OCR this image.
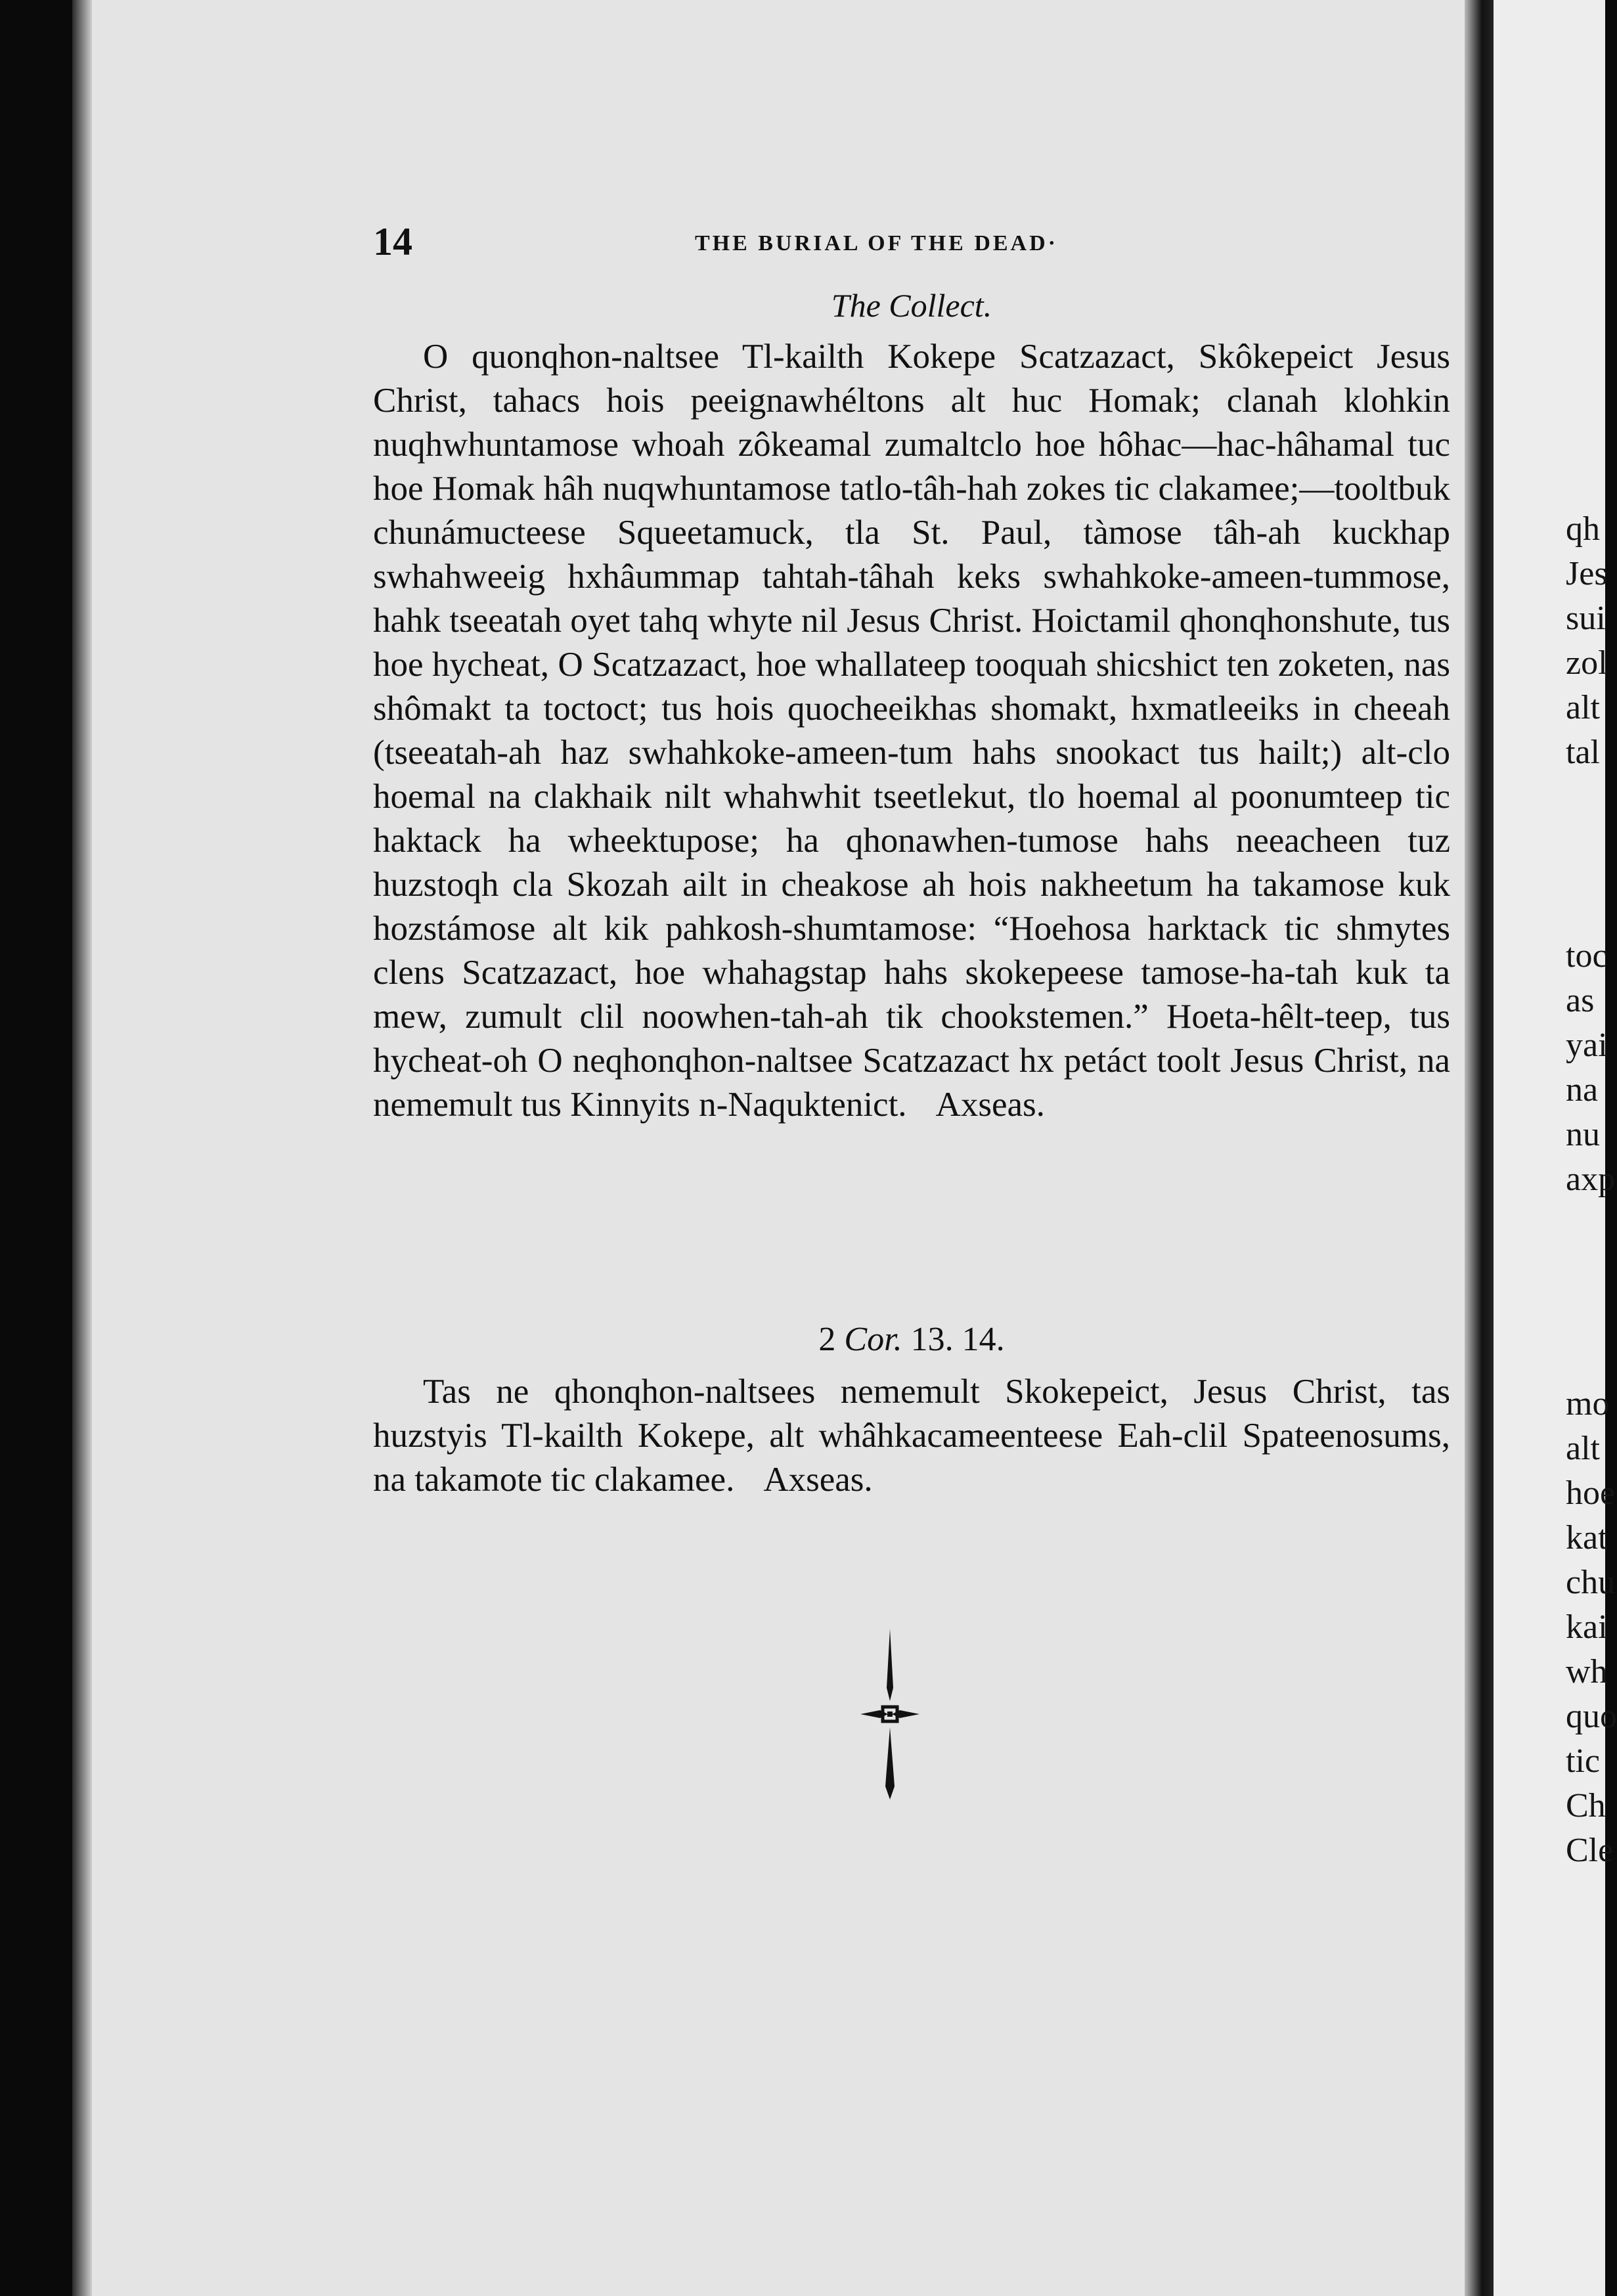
qh
Jes
sui
zol
alt
tal
toc
as
yai
na
nu
axp
mo
alt
hoe
kat
chu
kai
wh
quo
tic
Ch
Cle
14	THE BURIAL OF THE DEAD·
The Collect.

O quonqhon-naltsee Tl-kailth Kokepe Scatzazact, Skôkepeict Jesus Christ, tahacs hois peeignawhéltons alt huc Homak; clanah klohkin nuqhwhuntamose whoah zôkeamal zumaltclo hoe hôhac—hac-hâhamal tuc hoe Homak hâh nuqwhuntamose tatlo-tâh-hah zokes tic clakamee;—tooltbuk chunámucteese Squeetamuck, tla St. Paul, tàmose tâh-ah kuckhap swhahweeig hxhâummap tahtah-tâhah keks swhahkoke-ameen-tummose, hahk tseeatah oyet tahq whyte nil Jesus Christ. Hoictamil qhonqhonshute, tus hoe hycheat, O Scatzazact, hoe whallateep tooquah shicshict ten zoketen, nas shômakt ta toctoct; tus hois quocheeikhas shomakt, hxmatleeiks in cheeah (tseeatah-ah haz swhahkoke-ameen-tum hahs snookact tus hailt;) alt-clo hoemal na clakhaik nilt whahwhit tseetlekut, tlo hoemal al poonumteep tic haktack ha wheektupose; ha qhonawhen-tumose hahs neeacheen tuz huzstoqh cla Skozah ailt in cheakose ah hois nakheetum ha takamose kuk hozstámose alt kik pahkosh-shumtamose: “Hoehosa harktack tic shmytes clens Scatzazact, hoe whahagstap hahs skokepeese tamose-ha-tah kuk ta mew, zumult clil noowhen-tah-ah tik chookstemen.” Hoeta-hêlt-teep, tus hycheat-oh O neqhonqhon-naltsee Scatzazact hx petáct toolt Jesus Christ, na nememult tus Kinnyits n-Naquktenict. Axseas.

2 Cor. 13. 14.

Tas ne qhonqhon-naltsees nememult Skokepeict, Jesus Christ, tas huzstyis Tl-kailth Kokepe, alt whâhkacameenteese Eah-clil Spateenosums, na takamote tic clakamee. Axseas.
